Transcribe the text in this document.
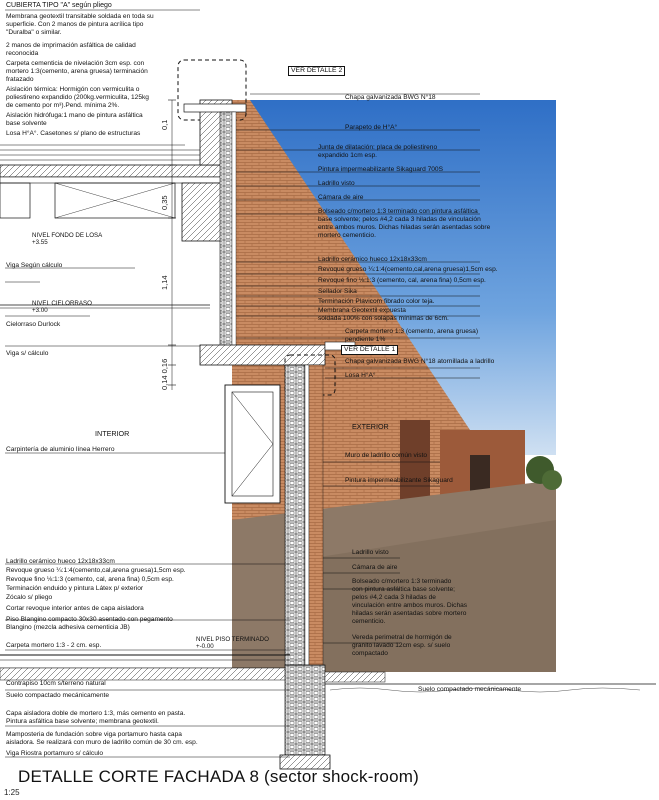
0,1
0,35
1,14
0,14 0,16
VER DETALLE 2
VER DETALLE 1
CUBIERTA TIPO "A" según pliego
Membrana geotextil transitable soldada en toda su
superficie. Con 2 manos de pintura acrílica tipo
"Duralba" o similar.
2 manos de imprimación asfáltica de calidad
reconocida
Carpeta cementicia de nivelación 3cm esp. con
mortero 1:3(cemento, arena gruesa) terminación
fratazado
Aislación térmica: Hormigón con vermiculita o
poliestireno expandido (200kg.vermiculita, 125kg
de cemento por m³).Pend. mínima 2%.
Aislación hidrófuga:1 mano de pintura asfáltica
base solvente
Losa H°A°. Casetones s/ plano de estructuras
NIVEL FONDO DE LOSA
+3.55
NIVEL CIELORRASO
+3.00
NIVEL PISO TERMINADO
+-0.00
Viga Según cálculo
Cielorraso Durlock
Viga s/ cálculo
INTERIOR
Carpintería de aluminio línea Herrero
Ladrillo cerámico hueco 12x18x33cm
Revoque grueso ¼:1:4(cemento,cal,arena gruesa)1,5cm esp.
Revoque fino ⅛:1:3 (cemento, cal, arena fina) 0,5cm esp.
Terminación enduido y pintura Látex p/ exterior
Zócalo s/ pliego
Cortar revoque interior antes de capa aisladora
Piso Blangino compacto 30x30 asentado con pegamento
Blangino (mezcla adhesiva cementicia JB)
Carpeta mortero 1:3 - 2 cm. esp.
Contrapiso 10cm s/terreno natural
Suelo compactado mecánicamente
Capa aisladora doble de mortero 1:3, más cemento en pasta.
Pintura asfáltica base solvente; membrana geotextil.
Mamposteria de fundación sobre viga portamuro hasta capa
aisladora. Se realizará con muro de ladrillo común de 30 cm. esp.
Viga Riostra portamuro s/ cálculo
Chapa galvanizada BWG N°18
Parapeto de H°A°
Junta de dilatación: placa de poliestireno
expandido 1cm esp.
Pintura impermeabilizante Sikaguard 700S
Ladrillo visto
Cámara de aire
Bolseado c/mortero 1:3 terminado con pintura asfáltica
base solvente; pelos #4,2 cada 3 hiladas de vinculación
entre ambos muros. Dichas hiladas serán asentadas sobre
mortero cementicio.
Ladrillo cerámico hueco 12x18x33cm
Revoque grueso ¼:1:4(cemento,cal,arena gruesa)1,5cm esp.
Revoque fino ⅛:1:3 (cemento, cal, arena fina) 0,5cm esp.
Sellador Sika
Terminación Plavicom fibrado color teja.
Membrana Geotextil expuesta
soldada 100% con solapas mínimas de 6cm.
Carpeta mortero 1:3 (cemento, arena gruesa)
pendiente 1%
Chapa galvanizada BWG N°18 atornillada a ladrillo
Losa H°A°
EXTERIOR
Muro de ladrillo común visto
Pintura impermeabilizante Sikaguard
Ladrillo visto
Cámara de aire
Bolseado c/mortero 1:3 terminado
con pintura asfáltica base solvente;
pelos #4,2 cada 3 hiladas de
vinculación entre ambos muros. Dichas
hiladas serán asentadas sobre mortero
cementicio.
Vereda perimetral de hormigón de
granito lavado 12cm esp. s/ suelo
compactado
Suelo compactado mecánicamente
DETALLE CORTE FACHADA 8 (sector shock-room)
1:25
